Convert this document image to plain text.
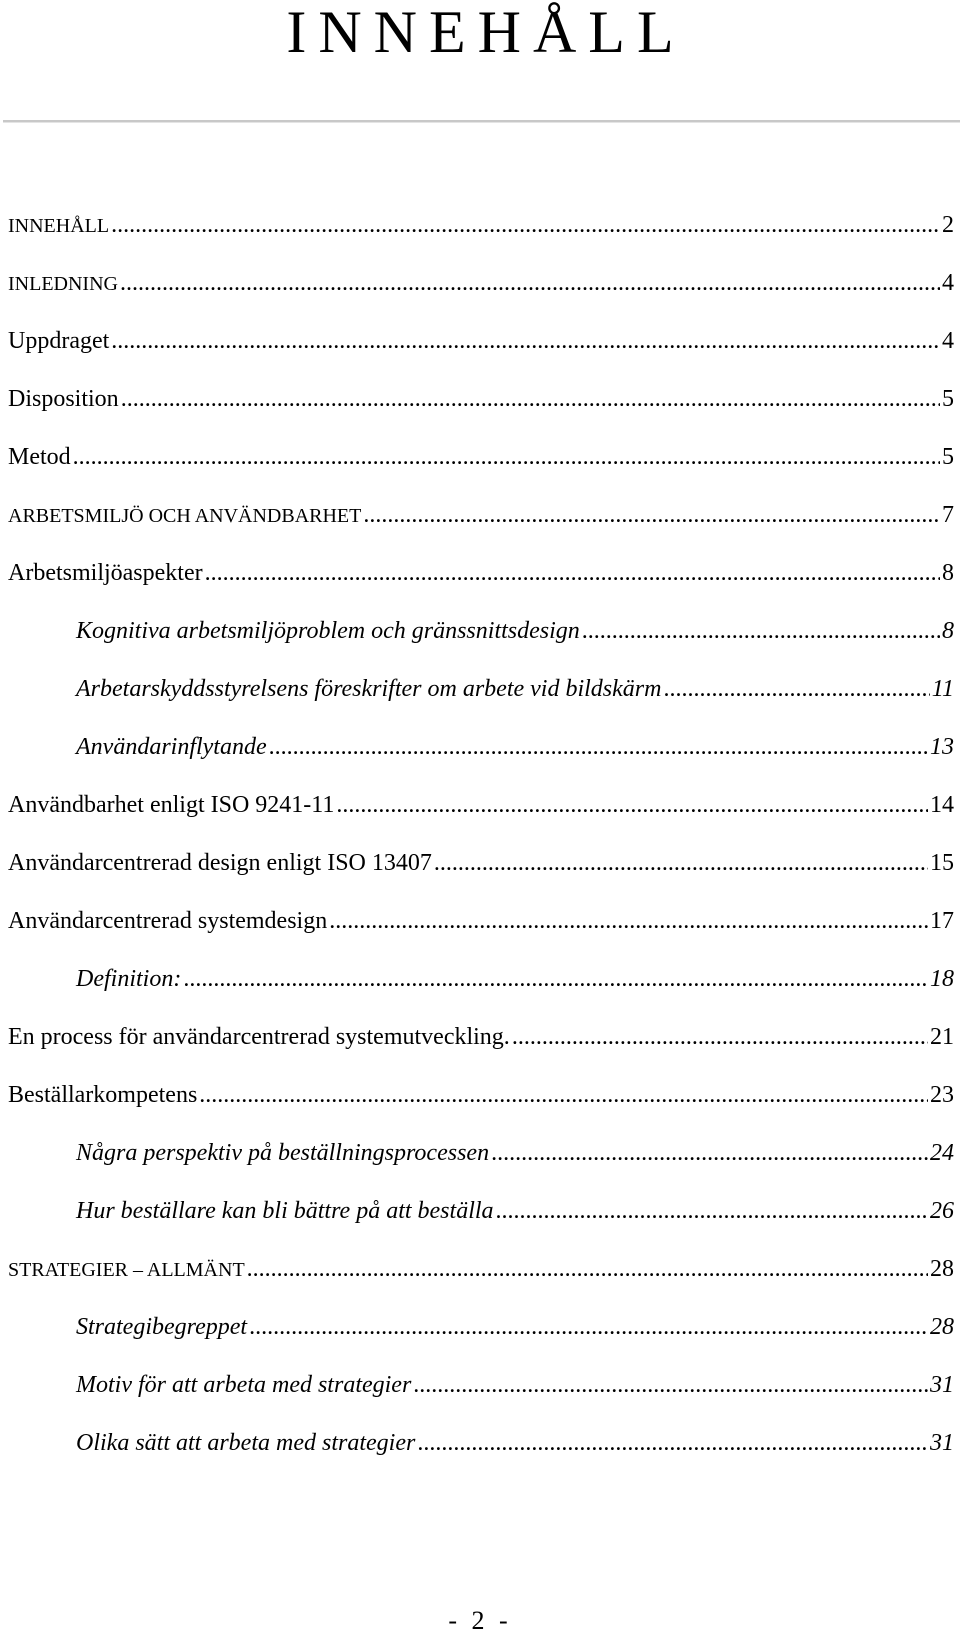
INNEHÅLL
INNEHÅLL .....	2
INLEDNING .....	4
Uppdraget .....	4
Disposition .....	5
Metod .....	5
ARBETSMILJÖ OCH ANVÄNDBARHET .....	7
Arbetsmiljöaspekter .....	8
Kognitiva arbetsmiljöproblem och gränssnittsdesign .....	8
Arbetarskyddsstyrelsens föreskrifter om arbete vid bildskärm .....	11
Användarinflytande .....	13
Användbarhet enligt ISO 9241-11 .....	14
Användarcentrerad design enligt ISO 13407 .....	15
Användarcentrerad systemdesign .....	17
Definition: .....	18
En process för användarcentrerad systemutveckling. .....	21
Beställarkompetens .....	23
Några perspektiv på beställningsprocessen .....	24
Hur beställare kan bli bättre på att beställa .....	26
STRATEGIER – ALLMÄNT .....	28
Strategibegreppet .....	28
Motiv för att arbeta med strategier .....	31
Olika sätt att arbeta med strategier .....	31
- 2 -
